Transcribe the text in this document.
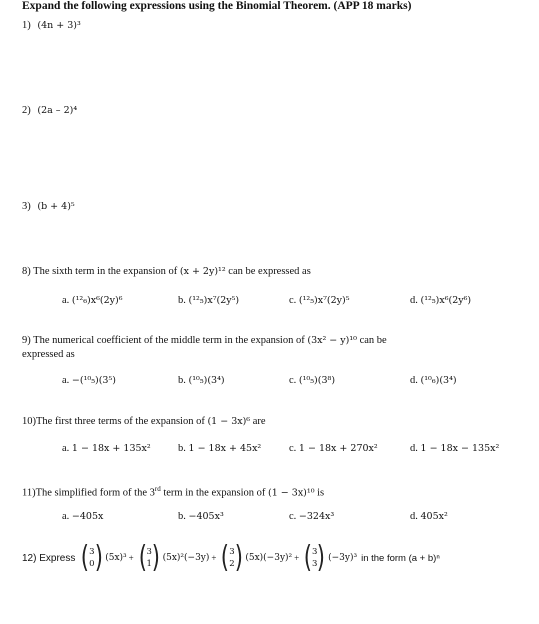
Expand the following expressions using the Binomial Theorem. (APP 18 marks)
1) (4n + 3)³
2) (2a – 2)⁴
3) (b + 4)⁵
8) The sixth term in the expansion of (x + 2y)¹² can be expressed as
a. (¹²₆)x⁶(2y)⁶	b. (¹²₅)x⁷(2y⁵)	c. (¹²₅)x⁷(2y)⁵	d. (¹²₅)x⁶(2y⁶)
9) The numerical coefficient of the middle term in the expansion of (3x² − y)¹⁰ can be
expressed as
a. −(¹⁰₅)(3⁵)	b. (¹⁰₅)(3⁴)	c. (¹⁰₅)(3⁸)	d. (¹⁰₆)(3⁴)
10)The first three terms of the expansion of (1 − 3x)⁶ are
a. 1 − 18x + 135x²	b. 1 − 18x + 45x²	c. 1 − 18x + 270x²	d. 1 − 18x − 135x²
11)The simplified form of the 3rd term in the expansion of (1 − 3x)¹⁰ is
a. −405x	b. −405x³	c. −324x³	d. 405x²
12) Express ( 3
0 ) (5x)³ + ( 3
1 ) (5x)²(−3y) + ( 3
2 ) (5x)(−3y)² + ( 3
3 ) (−3y)³ in the form (a + b)ⁿ
